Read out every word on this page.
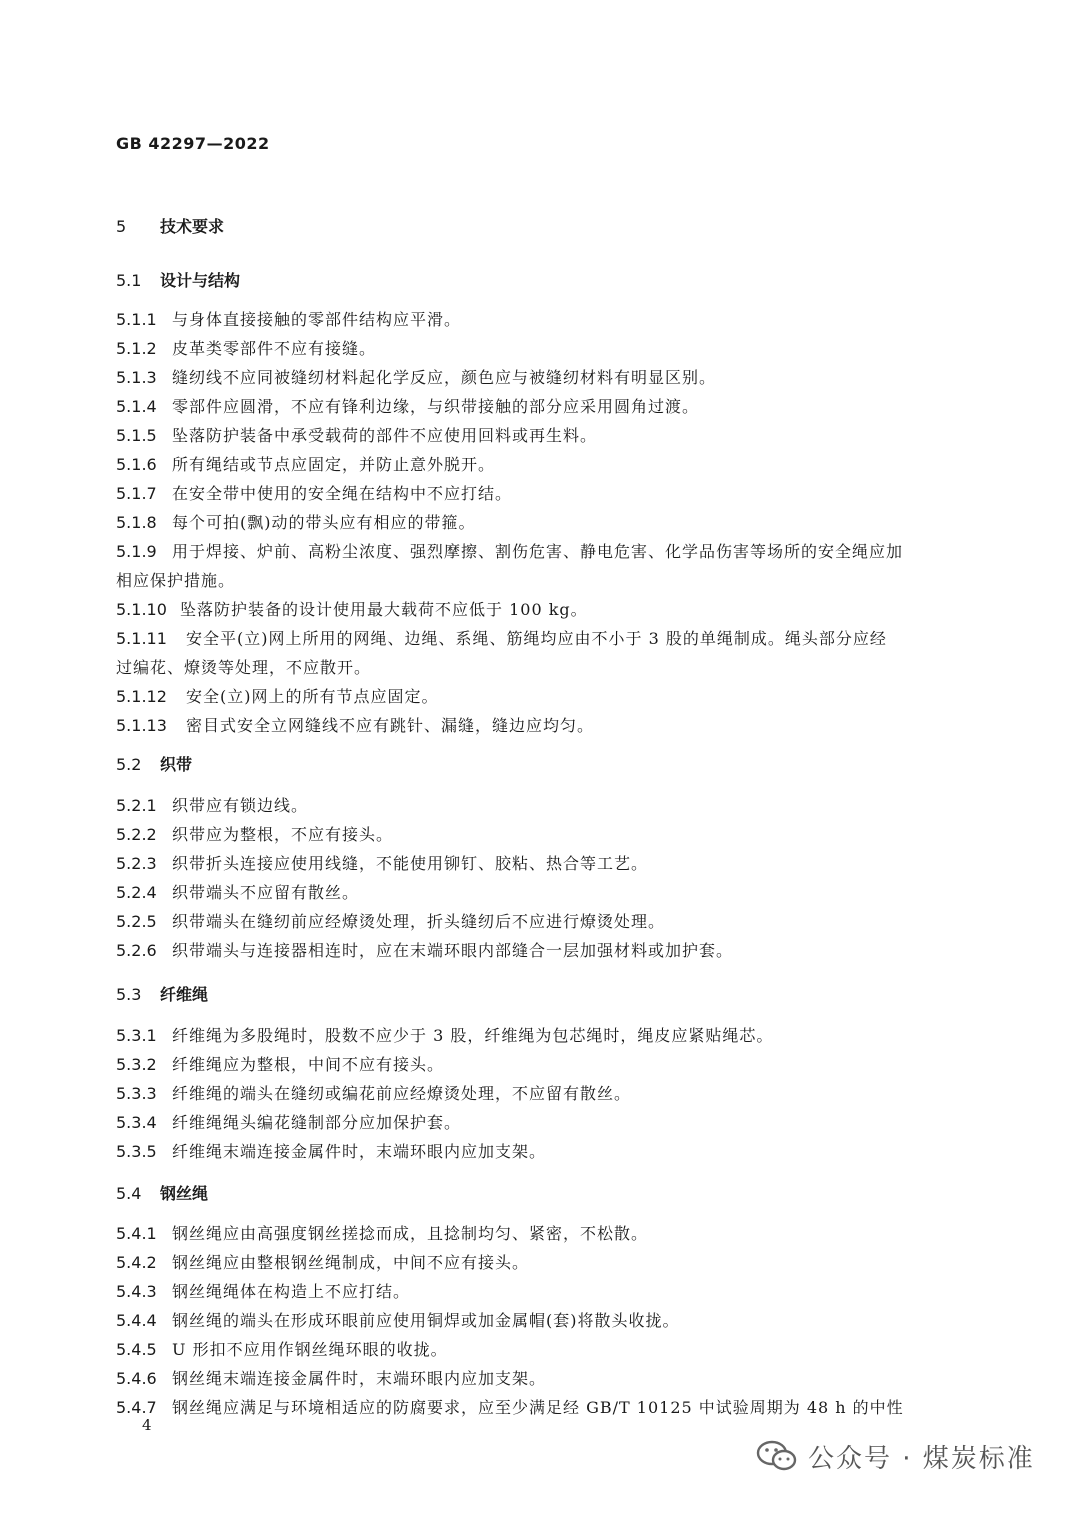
GB 42297—2022
5 技术要求
5.1 设计与结构
5.1.1 与身体直接接触的零部件结构应平滑。
5.1.2 皮革类零部件不应有接缝。
5.1.3 缝纫线不应同被缝纫材料起化学反应，颜色应与被缝纫材料有明显区别。
5.1.4 零部件应圆滑，不应有锋利边缘，与织带接触的部分应采用圆角过渡。
5.1.5 坠落防护装备中承受载荷的部件不应使用回料或再生料。
5.1.6 所有绳结或节点应固定，并防止意外脱开。
5.1.7 在安全带中使用的安全绳在结构中不应打结。
5.1.8 每个可拍(飘)动的带头应有相应的带箍。
5.1.9 用于焊接、炉前、高粉尘浓度、强烈摩擦、割伤危害、静电危害、化学品伤害等场所的安全绳应加
相应保护措施。
5.1.10 坠落防护装备的设计使用最大载荷不应低于 100 kg。
5.1.11 安全平(立)网上所用的网绳、边绳、系绳、筋绳均应由不小于 3 股的单绳制成。绳头部分应经
过编花、燎烫等处理，不应散开。
5.1.12 安全(立)网上的所有节点应固定。
5.1.13 密目式安全立网缝线不应有跳针、漏缝，缝边应均匀。
5.2 织带
5.2.1 织带应有锁边线。
5.2.2 织带应为整根，不应有接头。
5.2.3 织带折头连接应使用线缝，不能使用铆钉、胶粘、热合等工艺。
5.2.4 织带端头不应留有散丝。
5.2.5 织带端头在缝纫前应经燎烫处理，折头缝纫后不应进行燎烫处理。
5.2.6 织带端头与连接器相连时，应在末端环眼内部缝合一层加强材料或加护套。
5.3 纤维绳
5.3.1 纤维绳为多股绳时，股数不应少于 3 股，纤维绳为包芯绳时，绳皮应紧贴绳芯。
5.3.2 纤维绳应为整根，中间不应有接头。
5.3.3 纤维绳的端头在缝纫或编花前应经燎烫处理，不应留有散丝。
5.3.4 纤维绳绳头编花缝制部分应加保护套。
5.3.5 纤维绳末端连接金属件时，末端环眼内应加支架。
5.4 钢丝绳
5.4.1 钢丝绳应由高强度钢丝搓捻而成，且捻制均匀、紧密，不松散。
5.4.2 钢丝绳应由整根钢丝绳制成，中间不应有接头。
5.4.3 钢丝绳绳体在构造上不应打结。
5.4.4 钢丝绳的端头在形成环眼前应使用铜焊或加金属帽(套)将散头收拢。
5.4.5 U 形扣不应用作钢丝绳环眼的收拢。
5.4.6 钢丝绳末端连接金属件时，末端环眼内应加支架。
5.4.7 钢丝绳应满足与环境相适应的防腐要求，应至少满足经 GB/T 10125 中试验周期为 48 h 的中性
4
公众号 · 煤炭标准
